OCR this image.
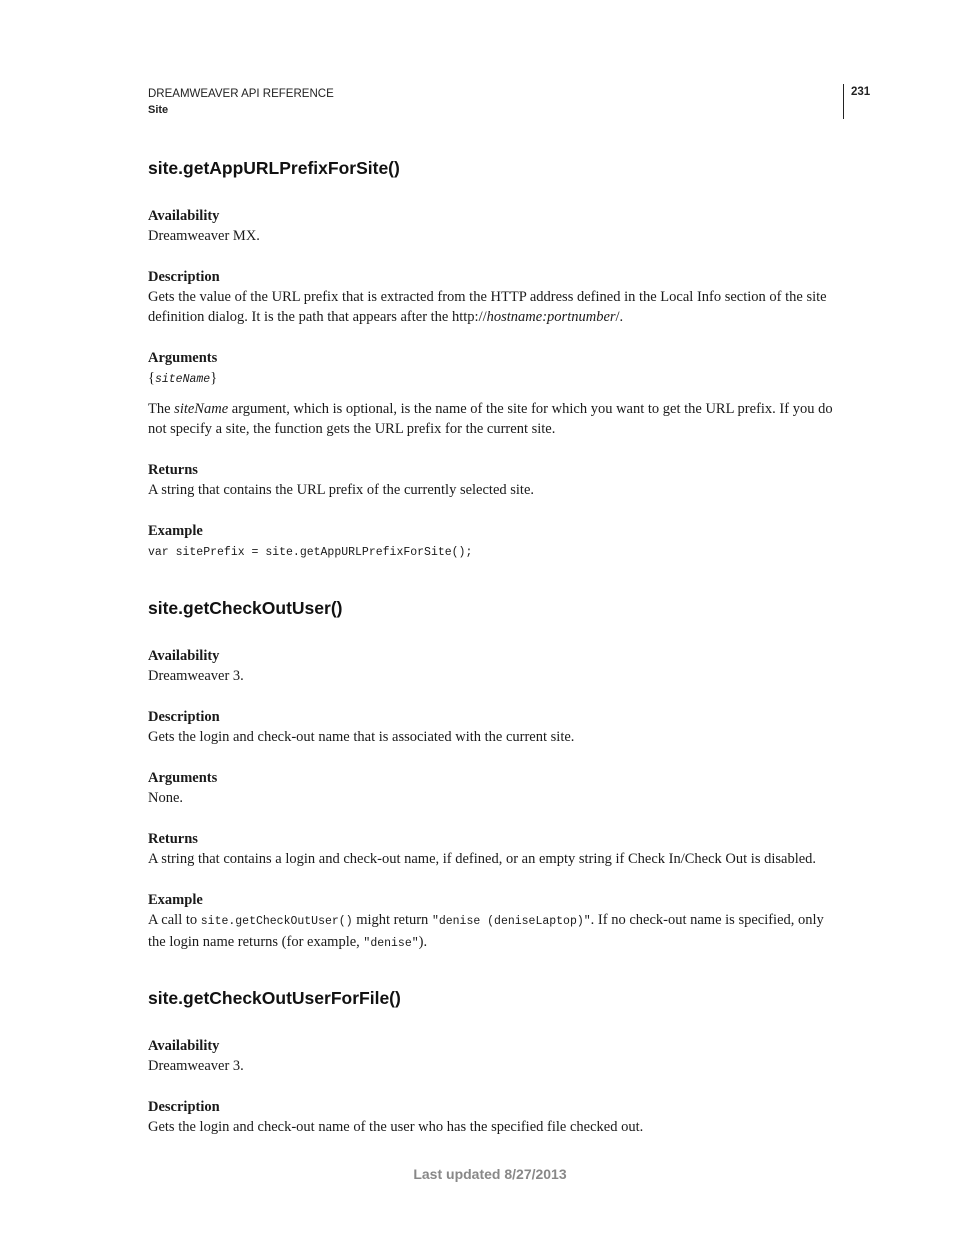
DREAMWEAVER API REFERENCE
Site
231
site.getAppURLPrefixForSite()

Availability

Dreamweaver MX.

Description

Gets the value of the URL prefix that is extracted from the HTTP address defined in the Local Info section of the site definition dialog. It is the path that appears after the http://hostname:portnumber/.

Arguments

{siteName}

The siteName argument, which is optional, is the name of the site for which you want to get the URL prefix. If you do not specify a site, the function gets the URL prefix for the current site.

Returns

A string that contains the URL prefix of the currently selected site.

Example

var sitePrefix = site.getAppURLPrefixForSite();

site.getCheckOutUser()

Availability

Dreamweaver 3.

Description

Gets the login and check-out name that is associated with the current site.

Arguments

None.

Returns

A string that contains a login and check-out name, if defined, or an empty string if Check In/Check Out is disabled.

Example

A call to site.getCheckOutUser() might return "denise (deniseLaptop)". If no check-out name is specified, only the login name returns (for example, "denise").

site.getCheckOutUserForFile()

Availability

Dreamweaver 3.

Description

Gets the login and check-out name of the user who has the specified file checked out.

Last updated 8/27/2013
